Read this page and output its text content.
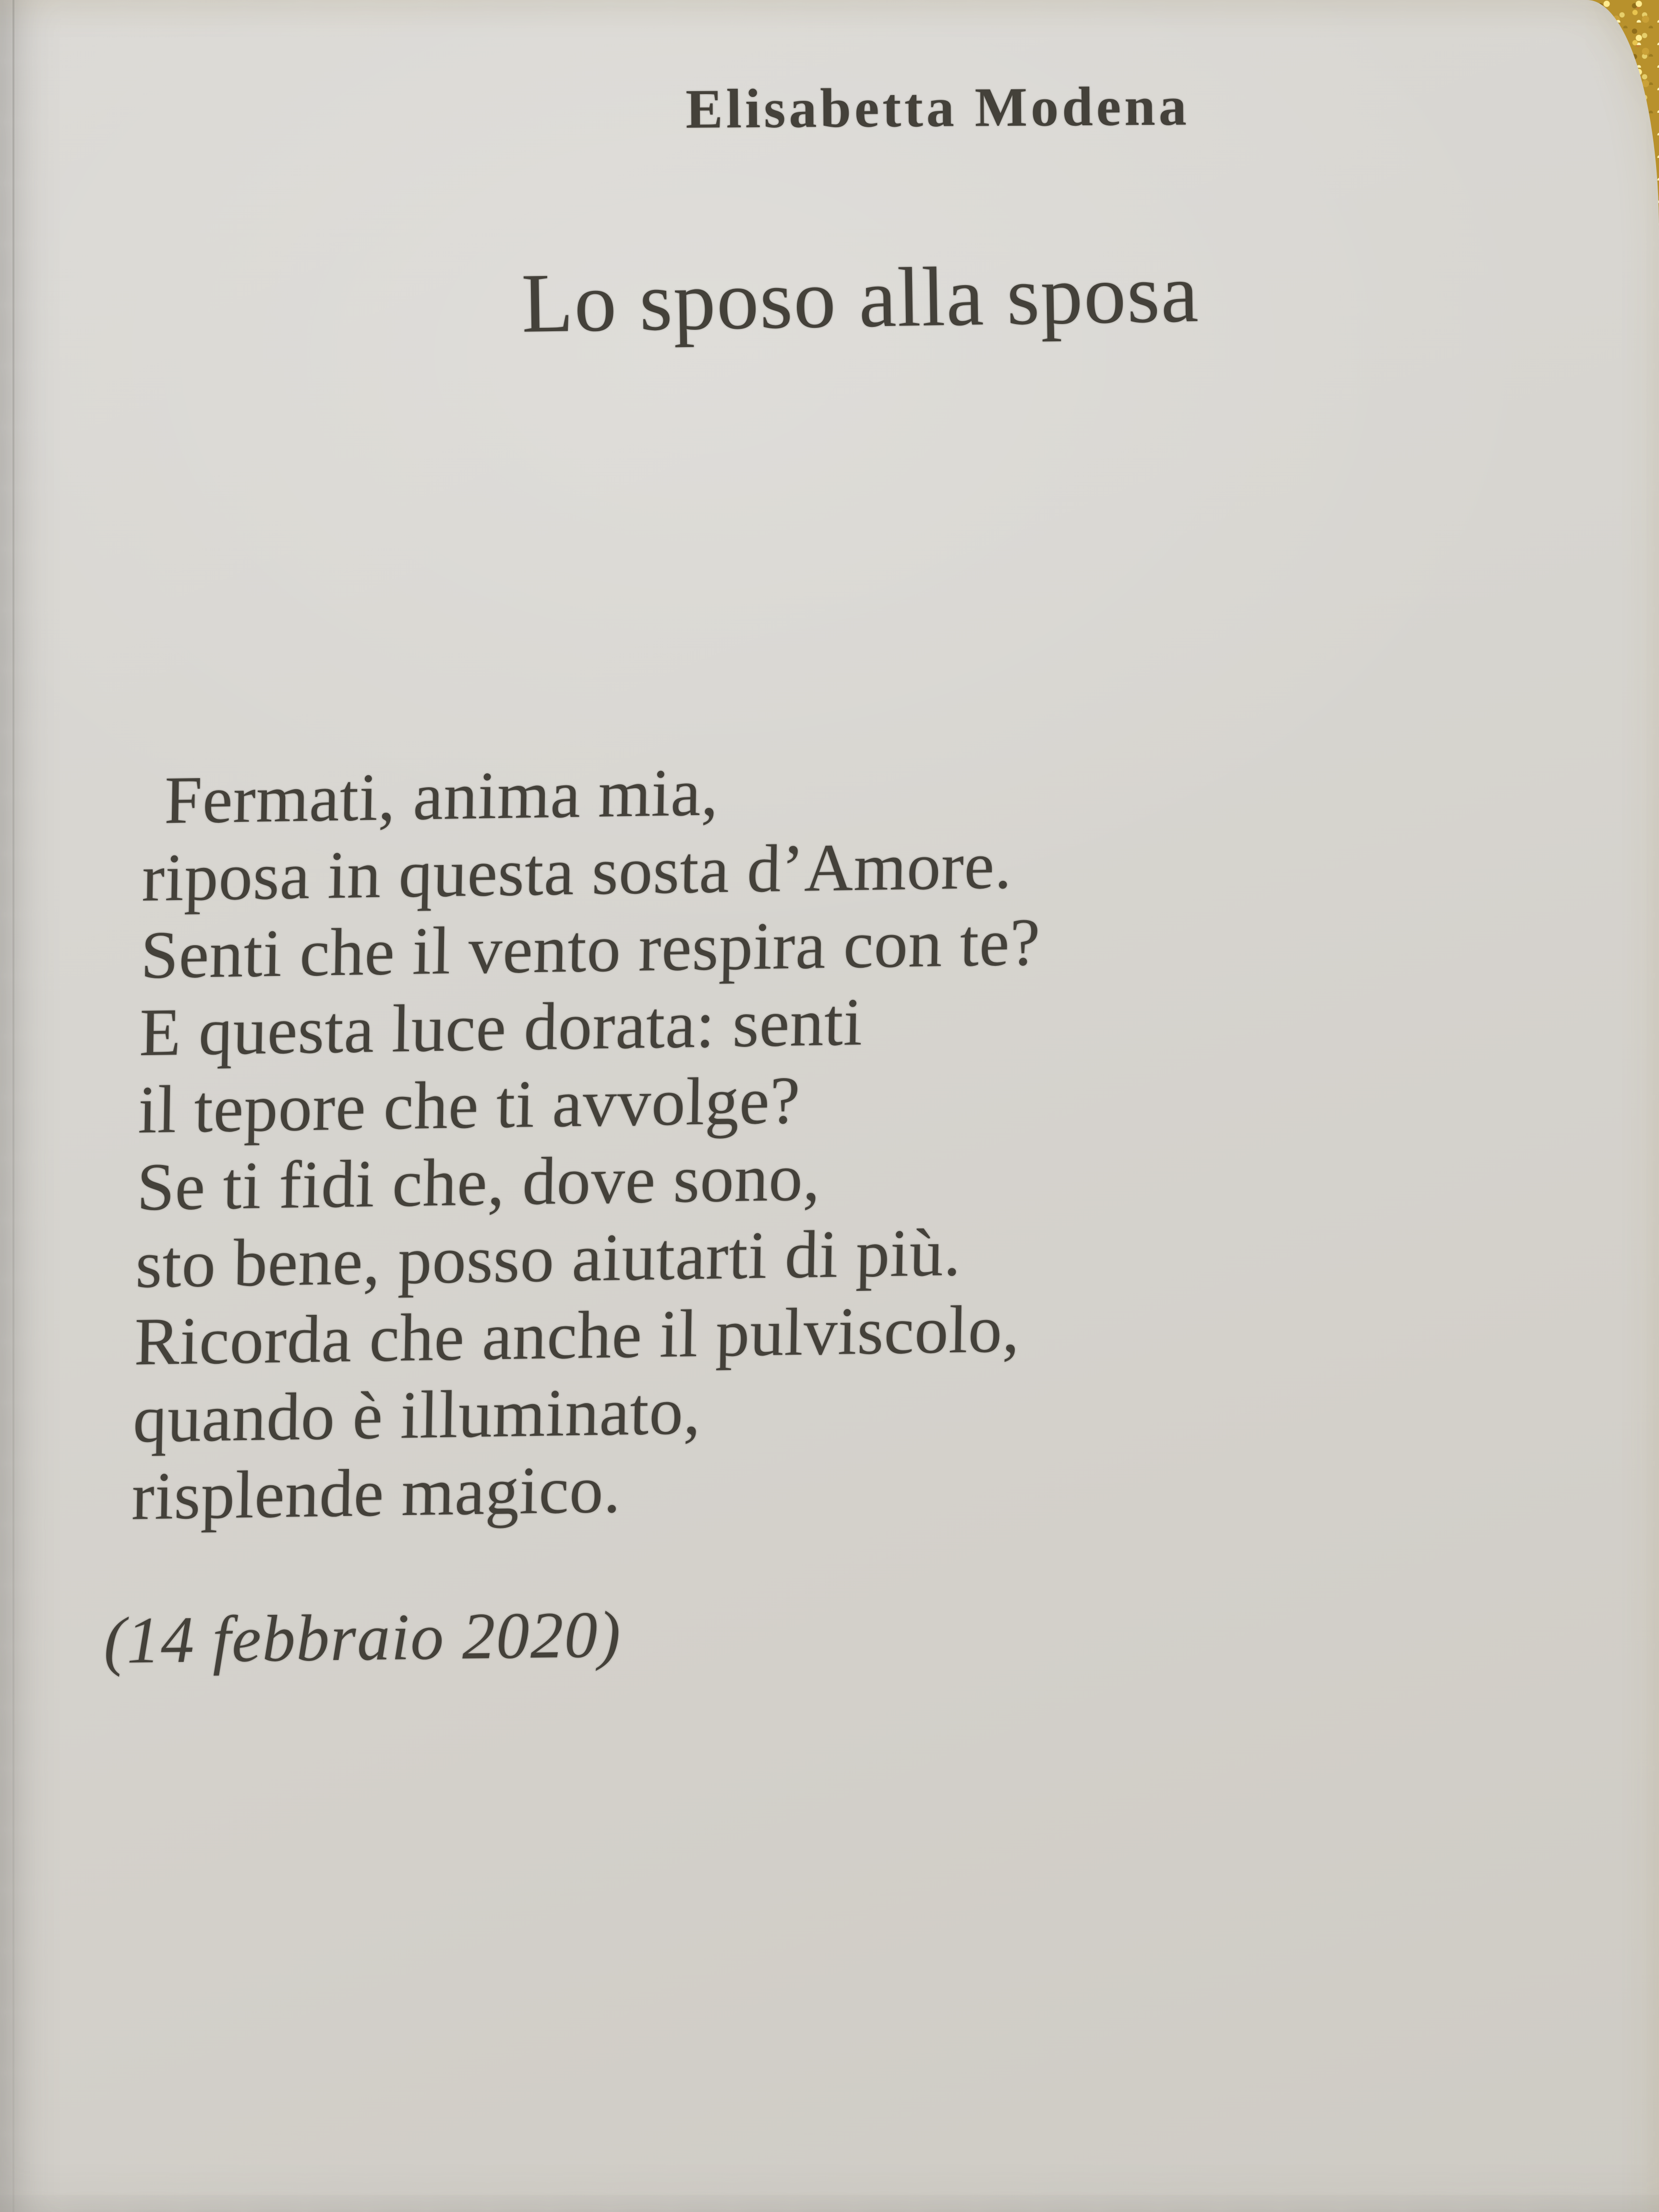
Elisabetta Modena
Lo sposo alla sposa
Fermati, anima mia,
riposa in questa sosta d’Amore.
Senti che il vento respira con te?
E questa luce dorata: senti
il tepore che ti avvolge?
Se ti fidi che, dove sono,
sto bene, posso aiutarti di più.
Ricorda che anche il pulviscolo,
quando è illuminato,
risplende magico.
(14 febbraio 2020)
